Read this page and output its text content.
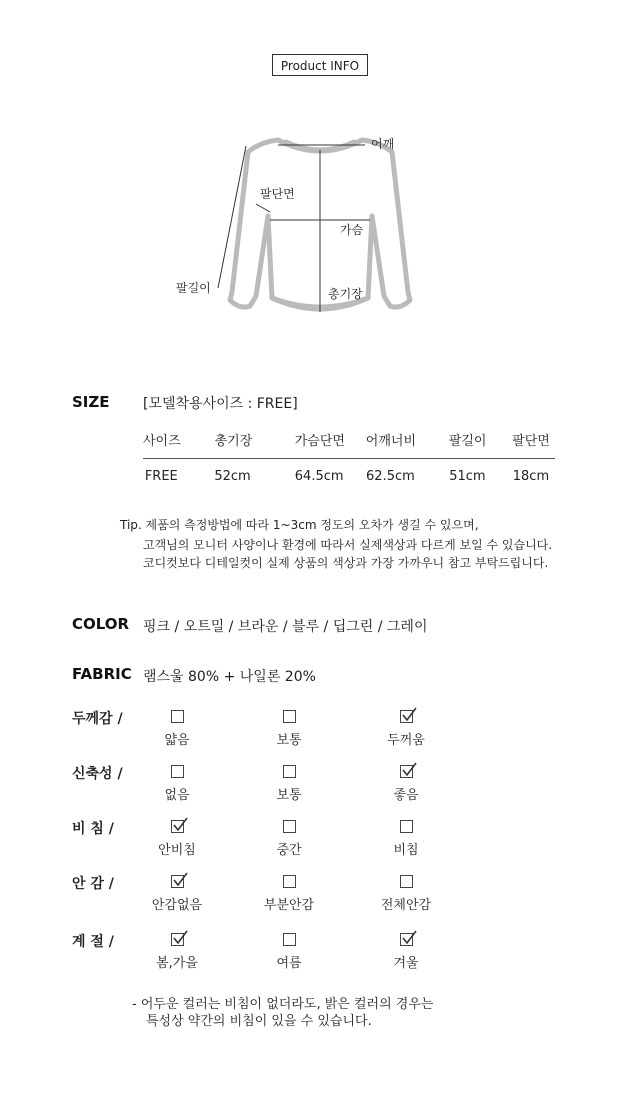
Product INFO
어깨
팔단면
가슴
팔길이	총기장
SIZE [모델착용사이즈 : FREE]
사이즈	총기장	가슴단면	어깨너비	팔길이	팔단면
FREE	52cm	64.5cm	62.5cm	51cm	18cm
Tip. 제품의 측정방법에 따라 1~3cm 정도의 오차가 생길 수 있으며,
고객님의 모니터 사양이나 환경에 따라서 실제색상과 다르게 보일 수 있습니다.
코디컷보다 디테일컷이 실제 상품의 색상과 가장 가까우니 참고 부탁드립니다.
COLOR 핑크 / 오트밀 / 브라운 / 블루 / 딥그린 / 그레이
FABRIC 램스울 80% + 나일론 20%
두께감 /
얇음	보통	두꺼움
신축성 /
없음	보통	좋음
비 침 /
안비침	중간	비침
안 감 /
안감없음	부분안감	전체안감
계 절 /
봄,가을	여름	겨울
- 어두운 컬러는 비침이 없더라도, 밝은 컬러의 경우는
특성상 약간의 비침이 있을 수 있습니다.
